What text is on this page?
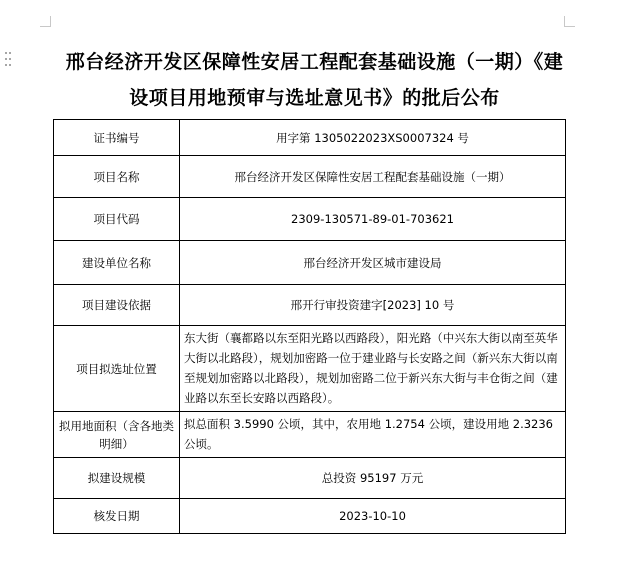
邢台经济开发区保障性安居工程配套基础设施（一期）《建
设项目用地预审与选址意见书》的批后公布
证书编号	用字第 1305022023XS0007324 号
项目名称	邢台经济开发区保障性安居工程配套基础设施（一期）
项目代码	2309-130571-89-01-703621
建设单位名称	邢台经济开发区城市建设局
项目建设依据	邢开行审投资建字[2023] 10 号
项目拟选址位置	东大街（襄都路以东至阳光路以西路段），阳光路（中兴东大街以南至英华大街以北路段），规划加密路一位于建业路与长安路之间（新兴东大街以南至规划加密路以北路段），规划加密路二位于新兴东大街与丰仓街之间（建业路以东至长安路以西路段）。
拟用地面积（含各地类明细）	拟总面积 3.5990 公顷，其中，农用地 1.2754 公顷，建设用地 2.3236 公顷。
拟建设规模	总投资 95197 万元
核发日期	2023-10-10
